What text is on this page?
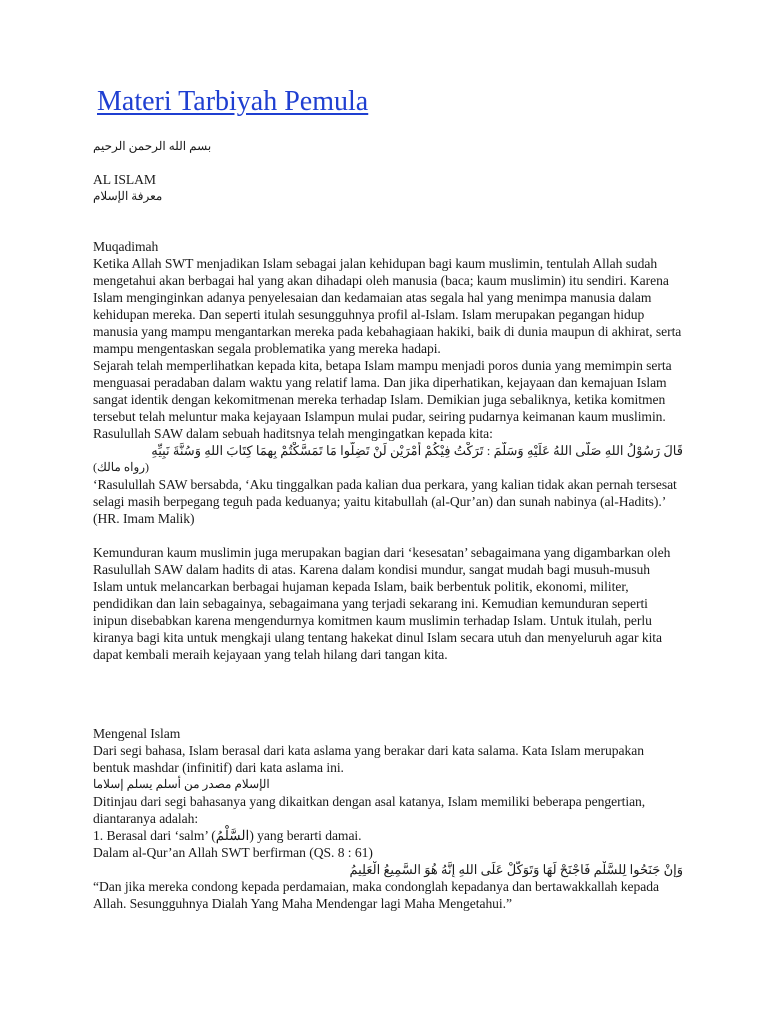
Materi Tarbiyah Pemula
بسم الله الرحمن الرحيم

AL ISLAM

معرفة الإسلام

Muqadimah

Ketika Allah SWT menjadikan Islam sebagai jalan kehidupan bagi kaum muslimin, tentulah Allah sudah mengetahui akan berbagai hal yang akan dihadapi oleh manusia (baca; kaum muslimin) itu sendiri. Karena Islam menginginkan adanya penyelesaian dan kedamaian atas segala hal yang menimpa manusia dalam kehidupan mereka. Dan seperti itulah sesungguhnya profil al-Islam. Islam merupakan pegangan hidup manusia yang mampu mengantarkan mereka pada kebahagiaan hakiki, baik di dunia maupun di akhirat, serta mampu mengentaskan segala problematika yang mereka hadapi.

Sejarah telah memperlihatkan kepada kita, betapa Islam mampu menjadi poros dunia yang memimpin serta menguasai peradaban dalam waktu yang relatif lama. Dan jika diperhatikan, kejayaan dan kemajuan Islam sangat identik dengan kekomitmenan mereka terhadap Islam. Demikian juga sebaliknya, ketika komitmen tersebut telah meluntur maka kejayaan Islampun mulai pudar, seiring pudarnya keimanan kaum muslimin. Rasulullah SAW dalam sebuah haditsnya telah mengingatkan kepada kita:

قَالَ رَسُوْلُ اللهِ صَلَّى اللهُ عَلَيْهِ وَسَلَّمَ : تَرَكْتُ فِيْكُمْ أَمْرَيْنِ لَنْ تَضِلُّوا مَا تَمَسَّكْتُمْ بِهِمَا كِتَابَ اللهِ وَسُنَّةَ نَبِيِّهِ

(رواه مالك)

‘Rasulullah SAW bersabda, ‘Aku tinggalkan pada kalian dua perkara, yang kalian tidak akan pernah tersesat selagi masih berpegang teguh pada keduanya; yaitu kitabullah (al-Qur’an) dan sunah nabinya (al-Hadits).’ (HR. Imam Malik)

Kemunduran kaum muslimin juga merupakan bagian dari ‘kesesatan’ sebagaimana yang digambarkan oleh Rasulullah SAW dalam hadits di atas. Karena dalam kondisi mundur, sangat mudah bagi musuh-musuh Islam untuk melancarkan berbagai hujaman kepada Islam, baik berbentuk politik, ekonomi, militer, pendidikan dan lain sebagainya, sebagaimana yang terjadi sekarang ini. Kemudian kemunduran seperti inipun disebabkan karena mengendurnya komitmen kaum muslimin terhadap Islam. Untuk itulah, perlu kiranya bagi kita untuk mengkaji ulang tentang hakekat dinul Islam secara utuh dan menyeluruh agar kita dapat kembali meraih kejayaan yang telah hilang dari tangan kita.

Mengenal Islam

Dari segi bahasa, Islam berasal dari kata aslama yang berakar dari kata salama. Kata Islam merupakan bentuk mashdar (infinitif) dari kata aslama ini.

الإسلام مصدر من أسلم يسلم إسلاما

Ditinjau dari segi bahasanya yang dikaitkan dengan asal katanya, Islam memiliki beberapa pengertian, diantaranya adalah:

1. Berasal dari ‘salm’ (السَّلْمُ) yang berarti damai.

Dalam al-Qur’an Allah SWT berfirman (QS. 8 : 61)

وَإِنْ جَنَحُوا لِلسَّلْمِ فَاجْنَحْ لَهَا وَتَوَكَّلْ عَلَى اللهِ إِنَّهُ هُوَ السَّمِيعُ الْعَلِيمُ

“Dan jika mereka condong kepada perdamaian, maka condonglah kepadanya dan bertawakkallah kepada Allah. Sesungguhnya Dialah Yang Maha Mendengar lagi Maha Mengetahui.”
